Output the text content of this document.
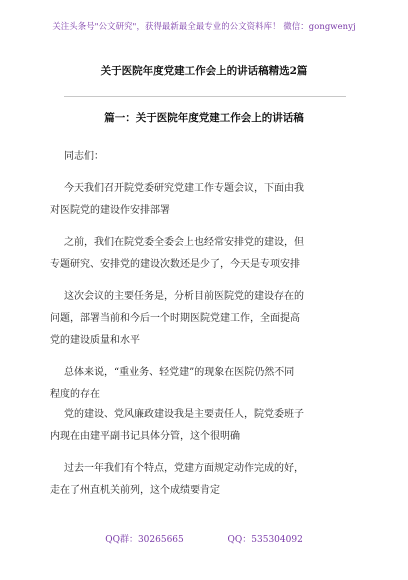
关注头条号"公文研究"，获得最新最全最专业的公文资料库！ 微信：gongwenyj
关于医院年度党建工作会上的讲话稿精选2篇
篇一：关于医院年度党建工作会上的讲话稿
同志们：
今天我们召开院党委研究党建工作专题会议，下面由我
对医院党的建设作安排部署
之前，我们在院党委全委会上也经常安排党的建设，但
专题研究、安排党的建设次数还是少了，今天是专项安排
这次会议的主要任务是，分析目前医院党的建设存在的
问题，部署当前和今后一个时期医院党建工作，全面提高
党的建设质量和水平
总体来说，“重业务、轻党建”的现象在医院仍然不同
程度的存在
党的建设、党风廉政建设我是主要责任人，院党委班子
内现在由建平副书记具体分管，这个很明确
过去一年我们有个特点，党建方面规定动作完成的好，
走在了州直机关前列，这个成绩要肯定
QQ群：30265665	QQ：535304092
